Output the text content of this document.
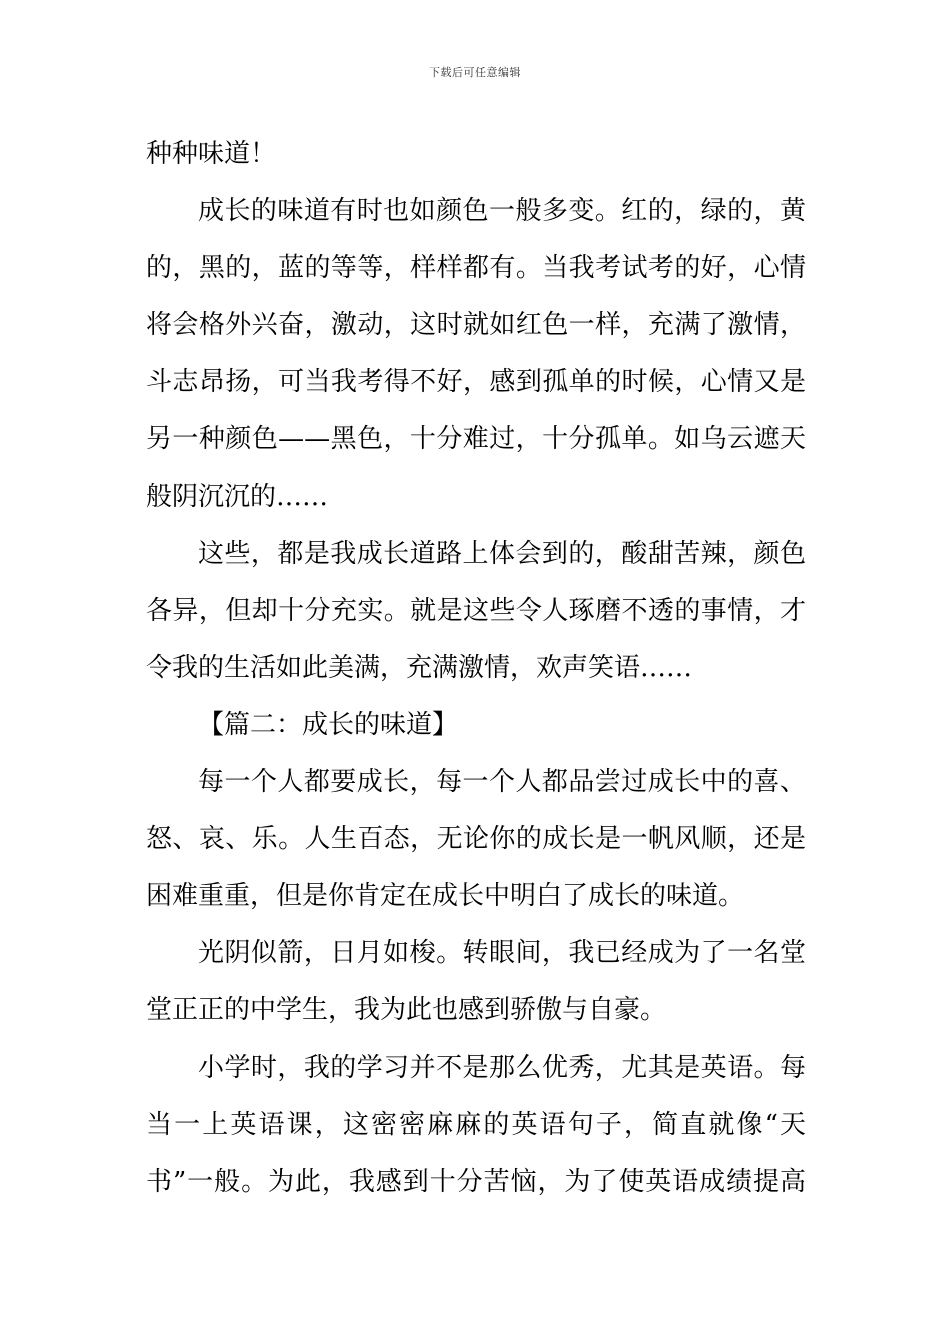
下载后可任意编辑
种种味道！
成长的味道有时也如颜色一般多变。红的，绿的，黄
的，黑的，蓝的等等，样样都有。当我考试考的好，心情
将会格外兴奋，激动，这时就如红色一样，充满了激情，
斗志昂扬，可当我考得不好，感到孤单的时候，心情又是
另一种颜色——黑色，十分难过，十分孤单。如乌云遮天
般阴沉沉的……
这些，都是我成长道路上体会到的，酸甜苦辣，颜色
各异，但却十分充实。就是这些令人琢磨不透的事情，才
令我的生活如此美满，充满激情，欢声笑语……
【篇二：成长的味道】
每一个人都要成长，每一个人都品尝过成长中的喜、
怒、哀、乐。人生百态，无论你的成长是一帆风顺，还是
困难重重，但是你肯定在成长中明白了成长的味道。
光阴似箭，日月如梭。转眼间，我已经成为了一名堂
堂正正的中学生，我为此也感到骄傲与自豪。
小学时，我的学习并不是那么优秀，尤其是英语。每
当一上英语课，这密密麻麻的英语句子，简直就像“天
书”一般。为此，我感到十分苦恼，为了使英语成绩提高
